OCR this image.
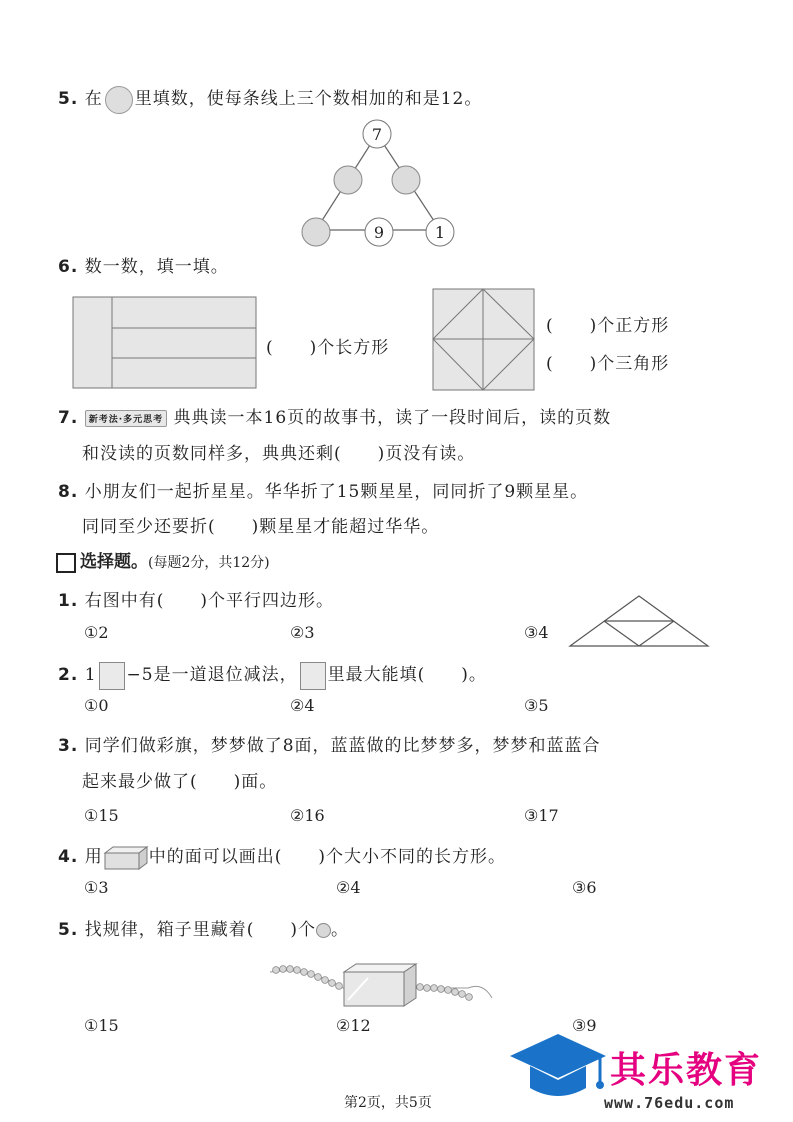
5. 在 里填数，使每条线上三个数相加的和是12。
7
9	1
6. 数一数，填一填。
(　　)个长方形
(　　)个正方形
(　　)个三角形
7. 新考法·多元思考 典典读一本16页的故事书，读了一段时间后，读的页数
和没读的页数同样多，典典还剩(　　)页没有读。
8. 小朋友们一起折星星。华华折了15颗星星，同同折了9颗星星。
同同至少还要折(　　)颗星星才能超过华华。
选择题。(每题2分，共12分)
1. 右图中有(　　)个平行四边形。
①2	②3	③4
2. 1 −5是一道退位减法， 里最大能填(　　)。
①0	②4	③5
3. 同学们做彩旗，梦梦做了8面，蓝蓝做的比梦梦多，梦梦和蓝蓝合
起来最少做了(　　)面。
①15	②16	③17
4. 用	中的面可以画出(　　)个大小不同的长方形。
①3	②4	③6
5. 找规律，箱子里藏着(　　)个 。
①15	②12	③9
第2页，共5页
其乐教育
www.76edu.com
